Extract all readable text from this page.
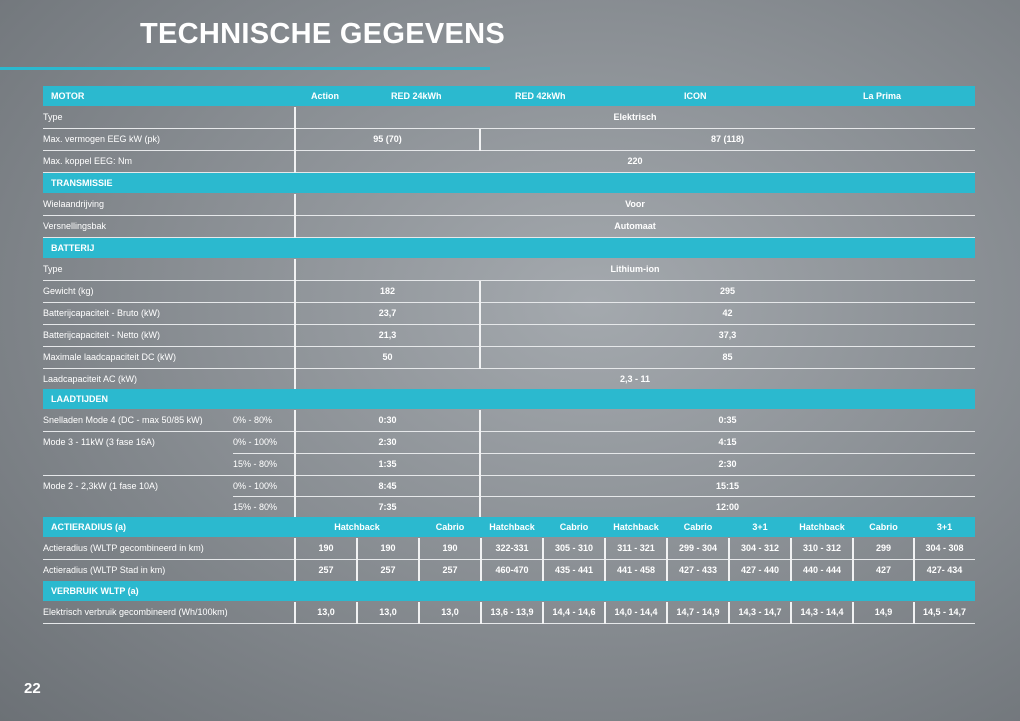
TECHNISCHE GEGEVENS
22
MOTOR	Action	RED 24kWh	RED 42kWh	ICON	La Prima
Type	Elektrisch
Max. vermogen EEG kW (pk)	95 (70)	87 (118)
Max. koppel EEG: Nm	220
TRANSMISSIE
Wielaandrijving	Voor
Versnellingsbak	Automaat
BATTERIJ
Type	Lithium-ion
Gewicht (kg)	182	295
Batterijcapaciteit - Bruto (kW)	23,7	42
Batterijcapaciteit - Netto (kW)	21,3	37,3
Maximale laadcapaciteit DC (kW)	50	85
Laadcapaciteit AC (kW)	2,3 - 11
LAADTIJDEN
Snelladen Mode 4 (DC - max 50/85 kW)	0% - 80%	0:30	0:35
Mode 3 - 11kW (3 fase 16A)	0% - 100%	2:30	4:15
15% - 80%	1:35	2:30
Mode 2 - 2,3kW (1 fase 10A)	0% - 100%	8:45	15:15
15% - 80%	7:35	12:00
ACTIERADIUS (a)	Hatchback	Cabrio	Hatchback	Cabrio	Hatchback	Cabrio	3+1	Hatchback	Cabrio	3+1
Actieradius (WLTP gecombineerd in km)	190	190	190	322-331	305 - 310	311 - 321	299 - 304	304 - 312	310 - 312	299	304 - 308
Actieradius (WLTP Stad in km)	257	257	257	460-470	435 - 441	441 - 458	427 - 433	427 - 440	440 - 444	427	427- 434
VERBRUIK WLTP (a)
Elektrisch verbruik gecombineerd (Wh/100km)	13,0	13,0	13,0	13,6 - 13,9	14,4 - 14,6	14,0 - 14,4	14,7 - 14,9	14,3 - 14,7	14,3 - 14,4	14,9	14,5 - 14,7
